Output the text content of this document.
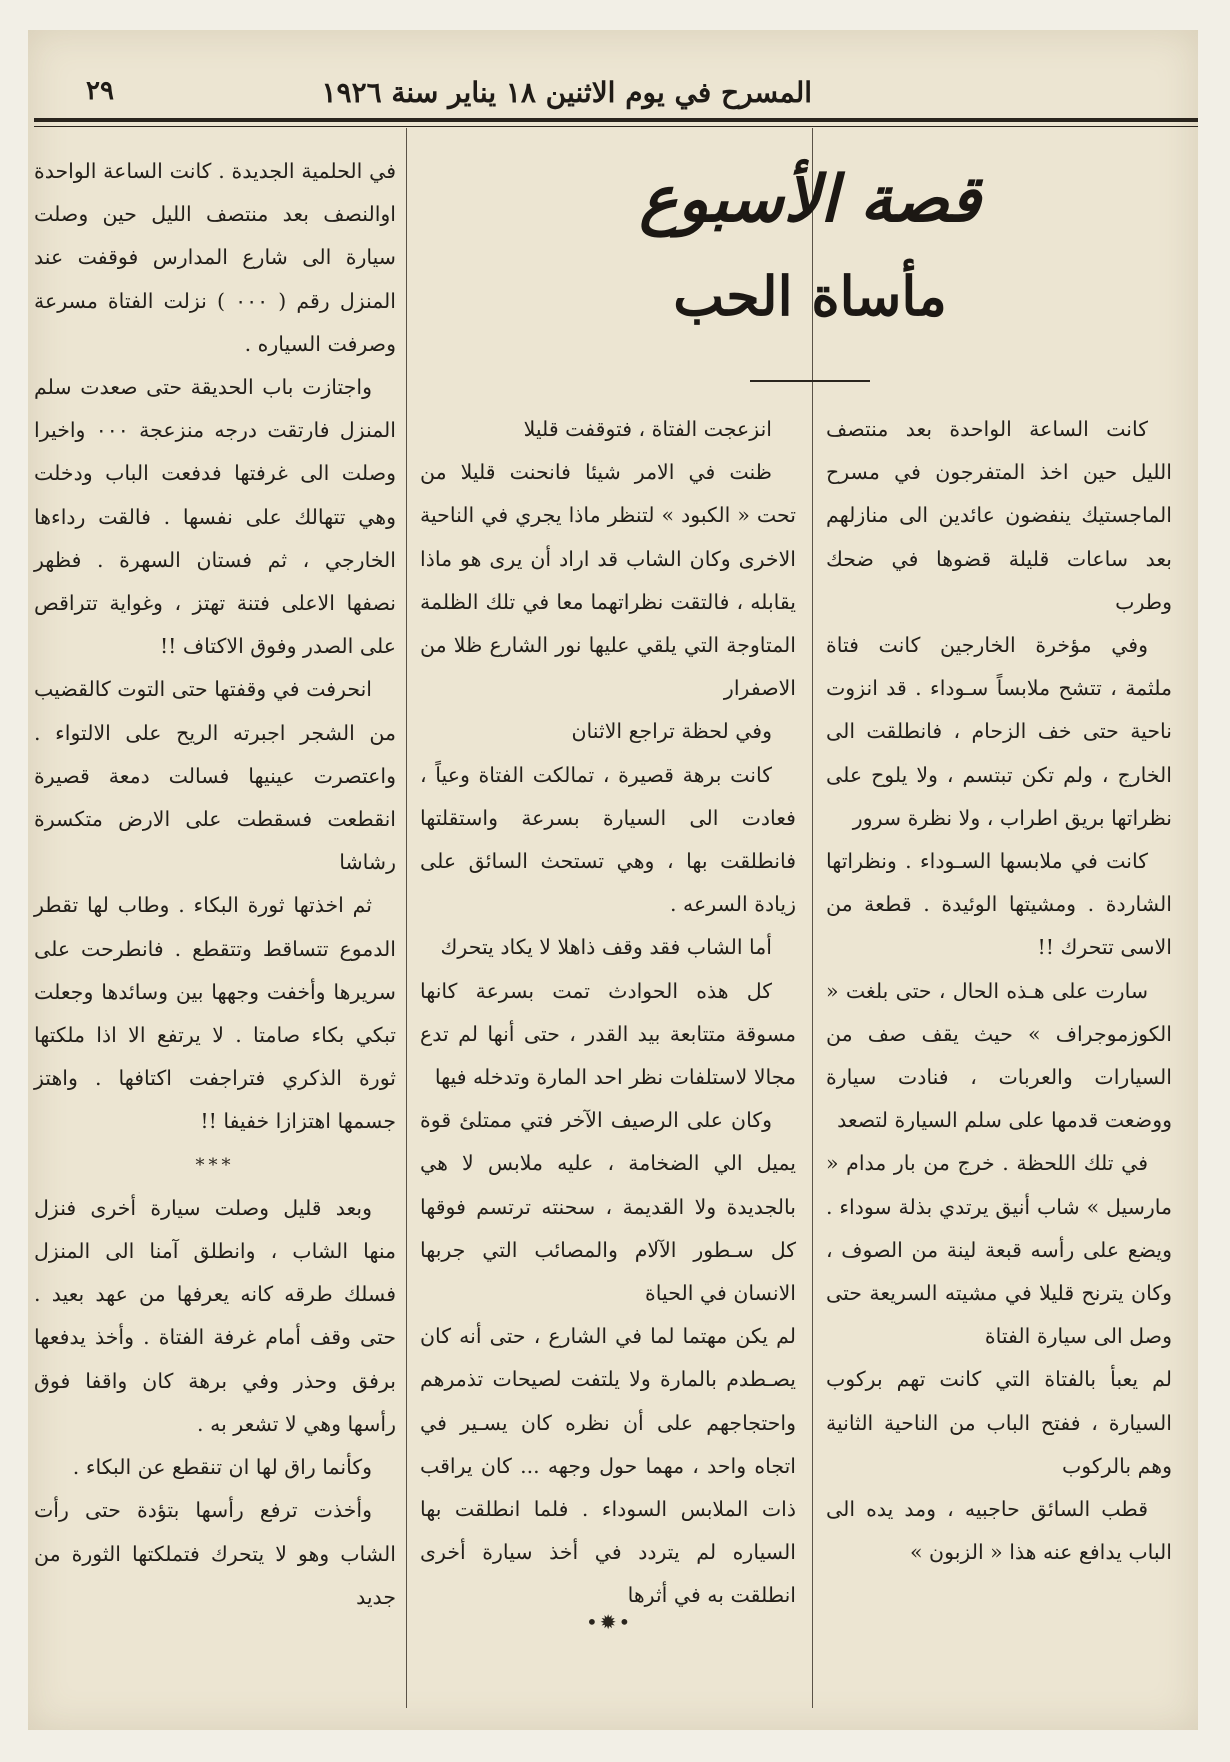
المسرح في يوم الاثنين ١٨ يناير سنة ١٩٢٦
٢٩
قصة الأسبوع
مأساة الحب

كانت الساعة الواحدة بعد منتصف الليل حين اخذ المتفرجون في مسرح الماجستيك ينفضون عائدين الى منازلهم بعد ساعات قليلة قضوها في ضحك وطرب

وفي مؤخرة الخارجين كانت فتاة ملثمة ، تتشح ملابساً سـوداء . قد انزوت ناحية حتى خف الزحام ، فانطلقت الى الخارج ، ولم تكن تبتسم ، ولا يلوح على نظراتها بريق اطراب ، ولا نظرة سرور

كانت في ملابسها السـوداء . ونظراتها الشاردة . ومشيتها الوئيدة . قطعة من الاسى تتحرك !!

سارت على هـذه الحال ، حتى بلغت « الكوزموجراف » حيث يقف صف من السيارات والعربات ، فنادت سيارة ووضعت قدمها على سلم السيارة لتصعد

في تلك اللحظة . خرج من بار مدام « مارسيل » شاب أنيق يرتدي بذلة سوداء . ويضع على رأسه قبعة لينة من الصوف ، وكان يترنح قليلا في مشيته السريعة حتى وصل الى سيارة الفتاة

لم يعبأ بالفتاة التي كانت تهم بركوب السيارة ، ففتح الباب من الناحية الثانية وهم بالركوب

قطب السائق حاجبيه ، ومد يده الى الباب يدافع عنه هذا « الزبون »

انزعجت الفتاة ، فتوقفت قليلا

ظنت في الامر شيئا فانحنت قليلا من تحت « الكبود » لتنظر ماذا يجري في الناحية الاخرى وكان الشاب قد اراد أن يرى هو ماذا يقابله ، فالتقت نظراتهما معا في تلك الظلمة المتاوجة التي يلقي عليها نور الشارع ظلا من الاصفرار

وفي لحظة تراجع الاثنان

كانت برهة قصيرة ، تمالكت الفتاة وعياً ، فعادت الى السيارة بسرعة واستقلتها فانطلقت بها ، وهي تستحث السائق على زيادة السرعه .

أما الشاب فقد وقف ذاهلا لا يكاد يتحرك

كل هذه الحوادث تمت بسرعة كانها مسوقة متتابعة بيد القدر ، حتى أنها لم تدع مجالا لاستلفات نظر احد المارة وتدخله فيها

وكان على الرصيف الآخر فتي ممتلئ قوة يميل الي الضخامة ، عليه ملابس لا هي بالجديدة ولا القديمة ، سحنته ترتسم فوقها كل سـطور الآلام والمصائب التي جربها الانسان في الحياة

لم يكن مهتما لما في الشارع ، حتى أنه كان يصـطدم بالمارة ولا يلتفت لصيحات تذمرهم واحتجاجهم على أن نظره كان يسـير في اتجاه واحد ، مهما حول وجهه ... كان يراقب ذات الملابس السوداء . فلما انطلقت بها السياره لم يتردد في أخذ سيارة أخرى انطلقت به في أثرها

في الحلمية الجديدة . كانت الساعة الواحدة اوالنصف بعد منتصف الليل حين وصلت سيارة الى شارع المدارس فوقفت عند المنزل رقم ( ٠٠٠ ) نزلت الفتاة مسرعة وصرفت السياره .

واجتازت باب الحديقة حتى صعدت سلم المنزل فارتقت درجه منزعجة ٠٠٠ واخيرا وصلت الى غرفتها فدفعت الباب ودخلت وهي تتهالك على نفسها . فالقت رداءها الخارجي ، ثم فستان السهرة . فظهر نصفها الاعلى فتنة تهتز ، وغواية تتراقص على الصدر وفوق الاكتاف !!

انحرفت في وقفتها حتى التوت كالقضيب من الشجر اجبرته الريح على الالتواء . واعتصرت عينيها فسالت دمعة قصيرة انقطعت فسقطت على الارض متكسرة رشاشا

ثم اخذتها ثورة البكاء . وطاب لها تقطر الدموع تتساقط وتتقطع . فانطرحت على سريرها وأخفت وجهها بين وسائدها وجعلت تبكي بكاء صامتا . لا يرتفع الا اذا ملكتها ثورة الذكري فتراجفت اكتافها . واهتز جسمها اهتزازا خفيفا !!

***

وبعد قليل وصلت سيارة أخرى فنزل منها الشاب ، وانطلق آمنا الى المنزل فسلك طرقه كانه يعرفها من عهد بعيد . حتى وقف أمام غرفة الفتاة . وأخذ يدفعها برفق وحذر وفي برهة كان واقفا فوق رأسها وهي لا تشعر به .

وكأنما راق لها ان تنقطع عن البكاء .

وأخذت ترفع رأسها بتؤدة حتى رأت الشاب وهو لا يتحرك فتملكتها الثورة من جديد

•✹•
